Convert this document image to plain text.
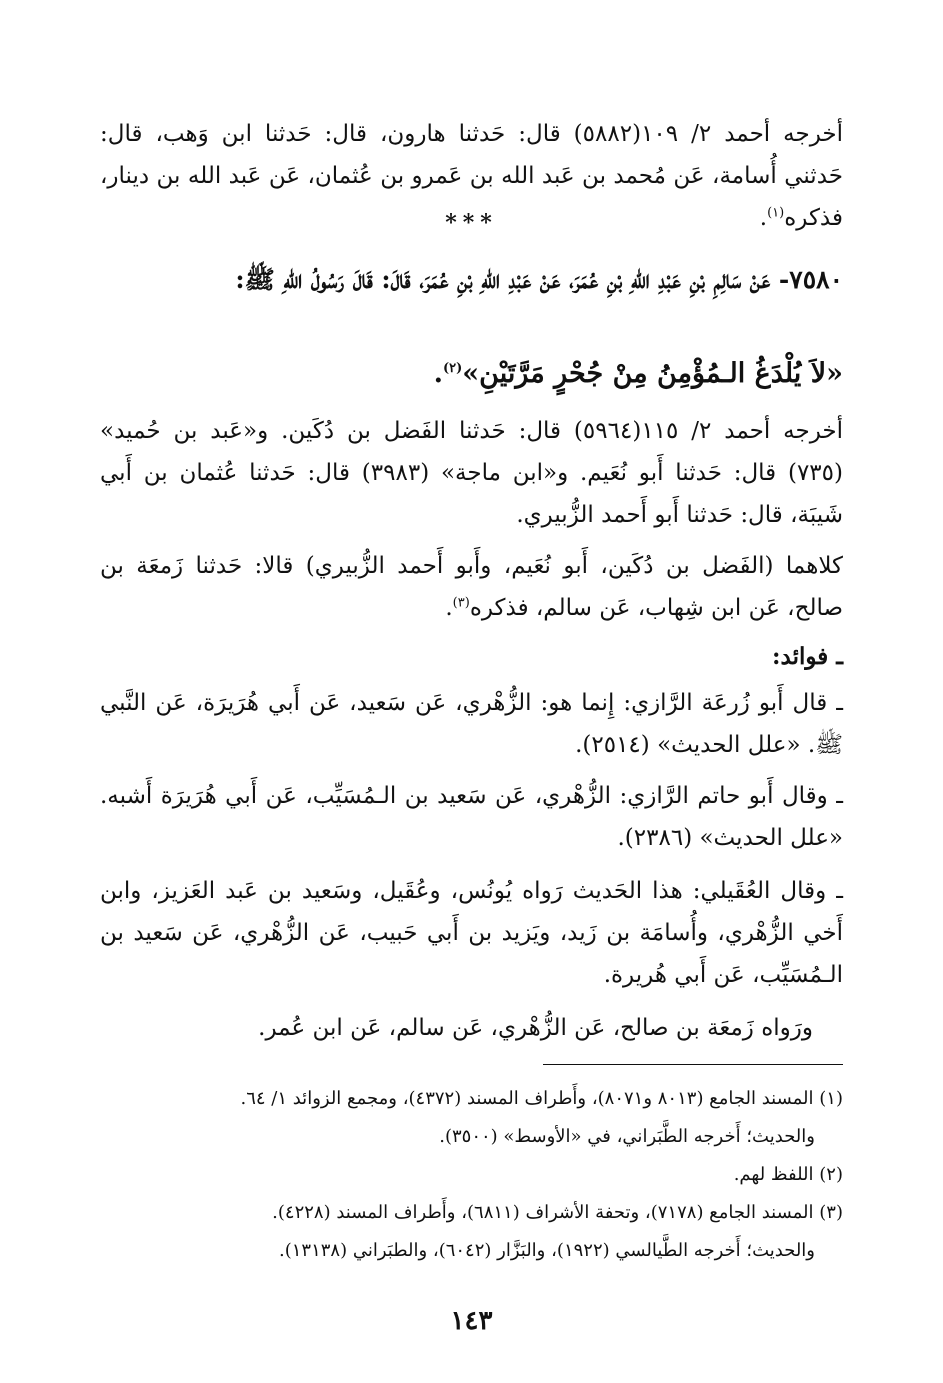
أخرجه أحمد ٢/ ١٠٩(٥٨٨٢) قال: حَدثنا هارون، قال: حَدثنا ابن وَهب، قال: حَدثني أُسامة، عَن مُحمد بن عَبد الله بن عَمرو بن عُثمان، عَن عَبد الله بن دينار، فذكره$^{(١)}$.
***
٧٥٨٠- عَنْ سَالِمِ بْنِ عَبْدِ اللهِ بْنِ عُمَرَ، عَنْ عَبْدِ اللهِ بْنِ عُمَرَ، قَالَ: قَالَ رَسُولُ اللهِ ﷺ:
«لاَ يُلْدَغُ الـمُؤْمِنُ مِنْ جُحْرٍ مَرَّتَيْنِ»$^{(٢)}$.
أخرجه أحمد ٢/ ١١٥(٥٩٦٤) قال: حَدثنا الفَضل بن دُكَين. و«عَبد بن حُميد» (٧٣٥) قال: حَدثنا أَبو نُعَيم. و«ابن ماجة» (٣٩٨٣) قال: حَدثنا عُثمان بن أَبي شَيبَة، قال: حَدثنا أَبو أَحمد الزُّبيري.
كلاهما (الفَضل بن دُكَين، أَبو نُعَيم، وأَبو أَحمد الزُّبيري) قالا: حَدثنا زَمعَة بن صالح، عَن ابن شِهاب، عَن سالم، فذكره$^{(٣)}$.
ـ فوائد:
ـ قال أَبو زُرعَة الرَّازي: إِنما هو: الزُّهْري، عَن سَعيد، عَن أَبي هُرَيرَة، عَن النَّبي ﷺ. «علل الحديث» (٢٥١٤).
ـ وقال أَبو حاتم الرَّازي: الزُّهْري، عَن سَعيد بن الـمُسَيِّب، عَن أَبي هُرَيرَة أَشبه. «علل الحديث» (٢٣٨٦).
ـ وقال العُقَيلي: هذا الحَديث رَواه يُونُس، وعُقَيل، وسَعيد بن عَبد العَزيز، وابن أَخي الزُّهْري، وأُسامَة بن زَيد، ويَزيد بن أَبي حَبيب، عَن الزُّهْري، عَن سَعيد بن الـمُسَيِّب، عَن أَبي هُريرة.
ورَواه زَمعَة بن صالح، عَن الزُّهْري، عَن سالم، عَن ابن عُمر.

(١) المسند الجامع (٨٠١٣ و٨٠٧١)، وأَطراف المسند (٤٣٧٢)، ومجمع الزوائد ١/ ٦٤.

والحديث؛ أَخرجه الطَّبَراني، في «الأوسط» (٣٥٠٠).

(٢) اللفظ لهم.

(٣) المسند الجامع (٧١٧٨)، وتحفة الأشراف (٦٨١١)، وأَطراف المسند (٤٢٢٨).

والحديث؛ أَخرجه الطَّيالسي (١٩٢٢)، والبَزَّار (٦٠٤٢)، والطبَراني (١٣١٣٨).

١٤٣
